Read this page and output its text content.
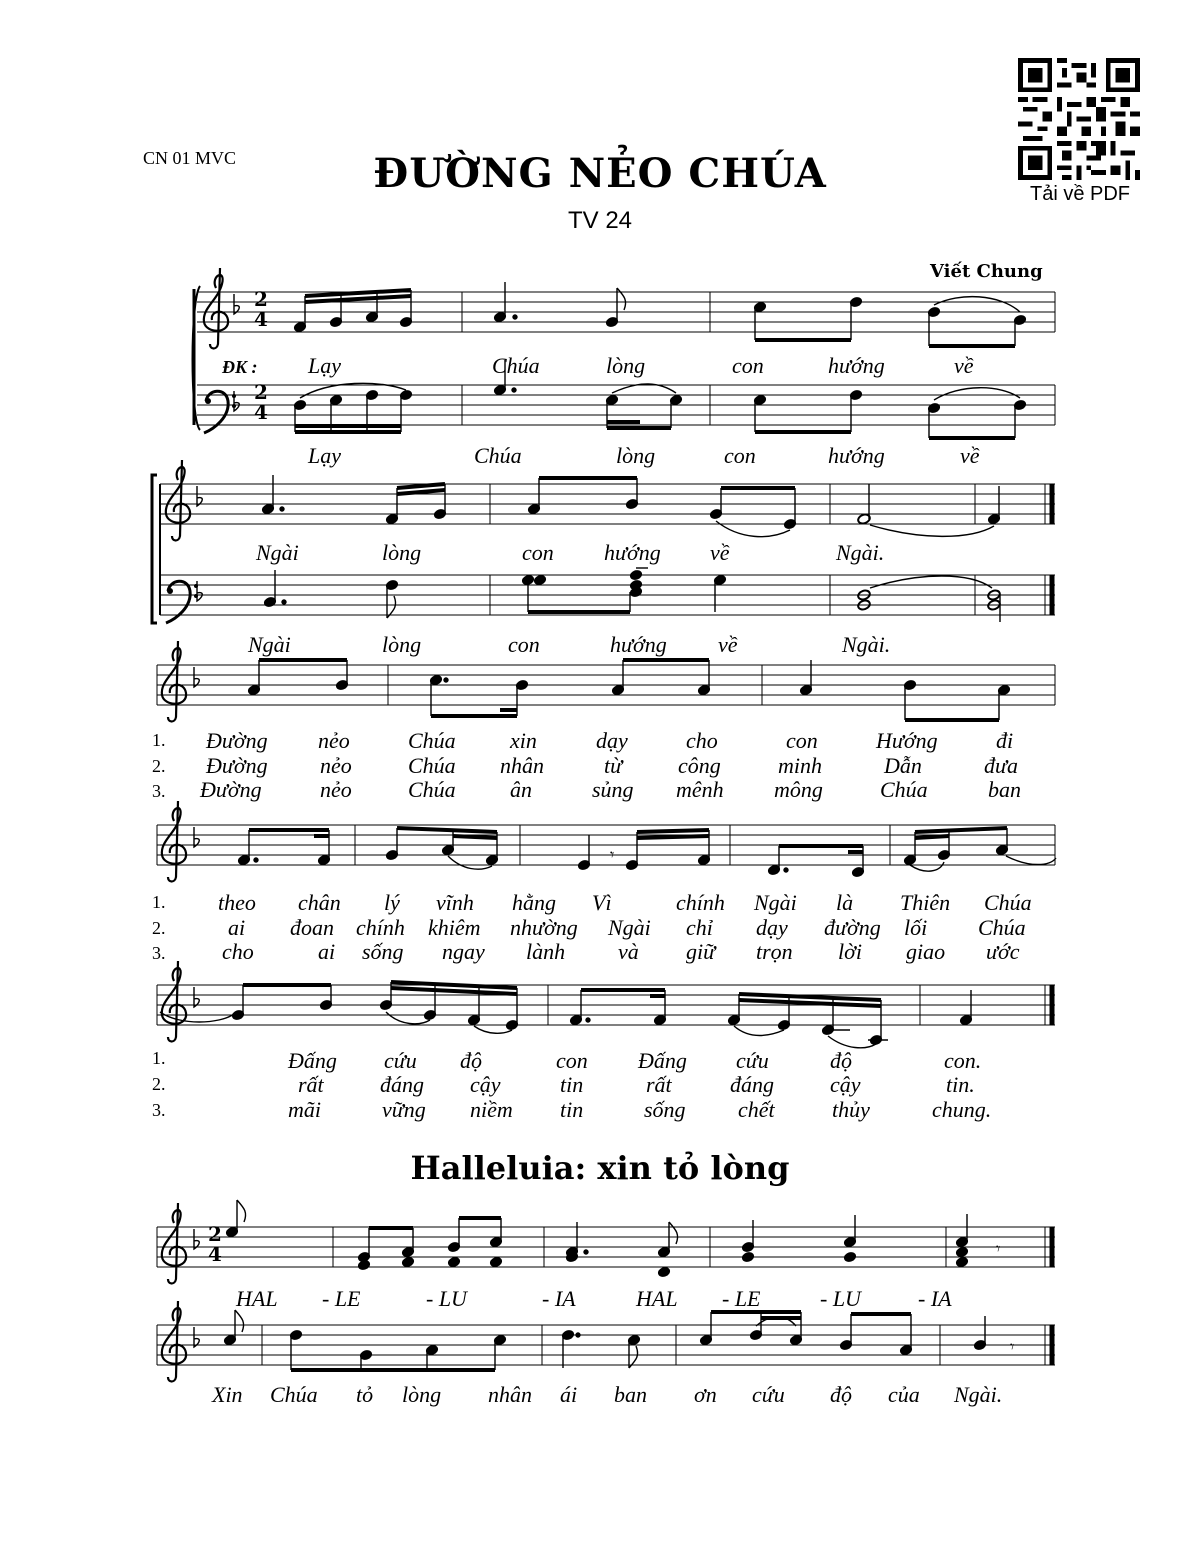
CN 01 MVC	ĐƯỜNG NẺO CHÚA
TV 24
Viết Chung
Tải về PDF
Halleluia: xin tỏ lòng
2
4
2
4
ĐK : Lạy	Chúa	lòng	con	hướng	về
Lạy	Chúa	lòng	con	hướng	về
Ngài	lòng	con hướng về	Ngài.
Ngài	lòng	con	hướng về	Ngài.
1.
2.
3.
Đường nẻo	Chúa xin	dạy	cho	con	Hướng	đi
Đường nẻo	Chúa nhân	từ	công	minh	Dẫn	đưa
Đường	nẻo	Chúa ân	sủng mênh mông	Chúa	ban
𝄾
1.
2.
3.
theo chân lý vĩnh hằng Vì	chính Ngài là Thiên Chúa
ai đoan chính khiêm nhường Ngài chỉ dạy đường lối Chúa
cho	ai sống ngay lành và giữ trọn lời giao ước
1.
2.
3.
Đấng cứu độ	con Đấng cứu	độ	con.
rất	đáng cậy	tin	rất	đáng	cậy	tin.
mãi	vững niềm tin	sống chết	thủy	chung.
2
4	𝄾
HAL - LE	- LU	- IA	HAL - LE	- LU	- IA
𝄾
Xin Chúa tỏ lòng nhân ái ban ơn cứu độ của Ngài.
